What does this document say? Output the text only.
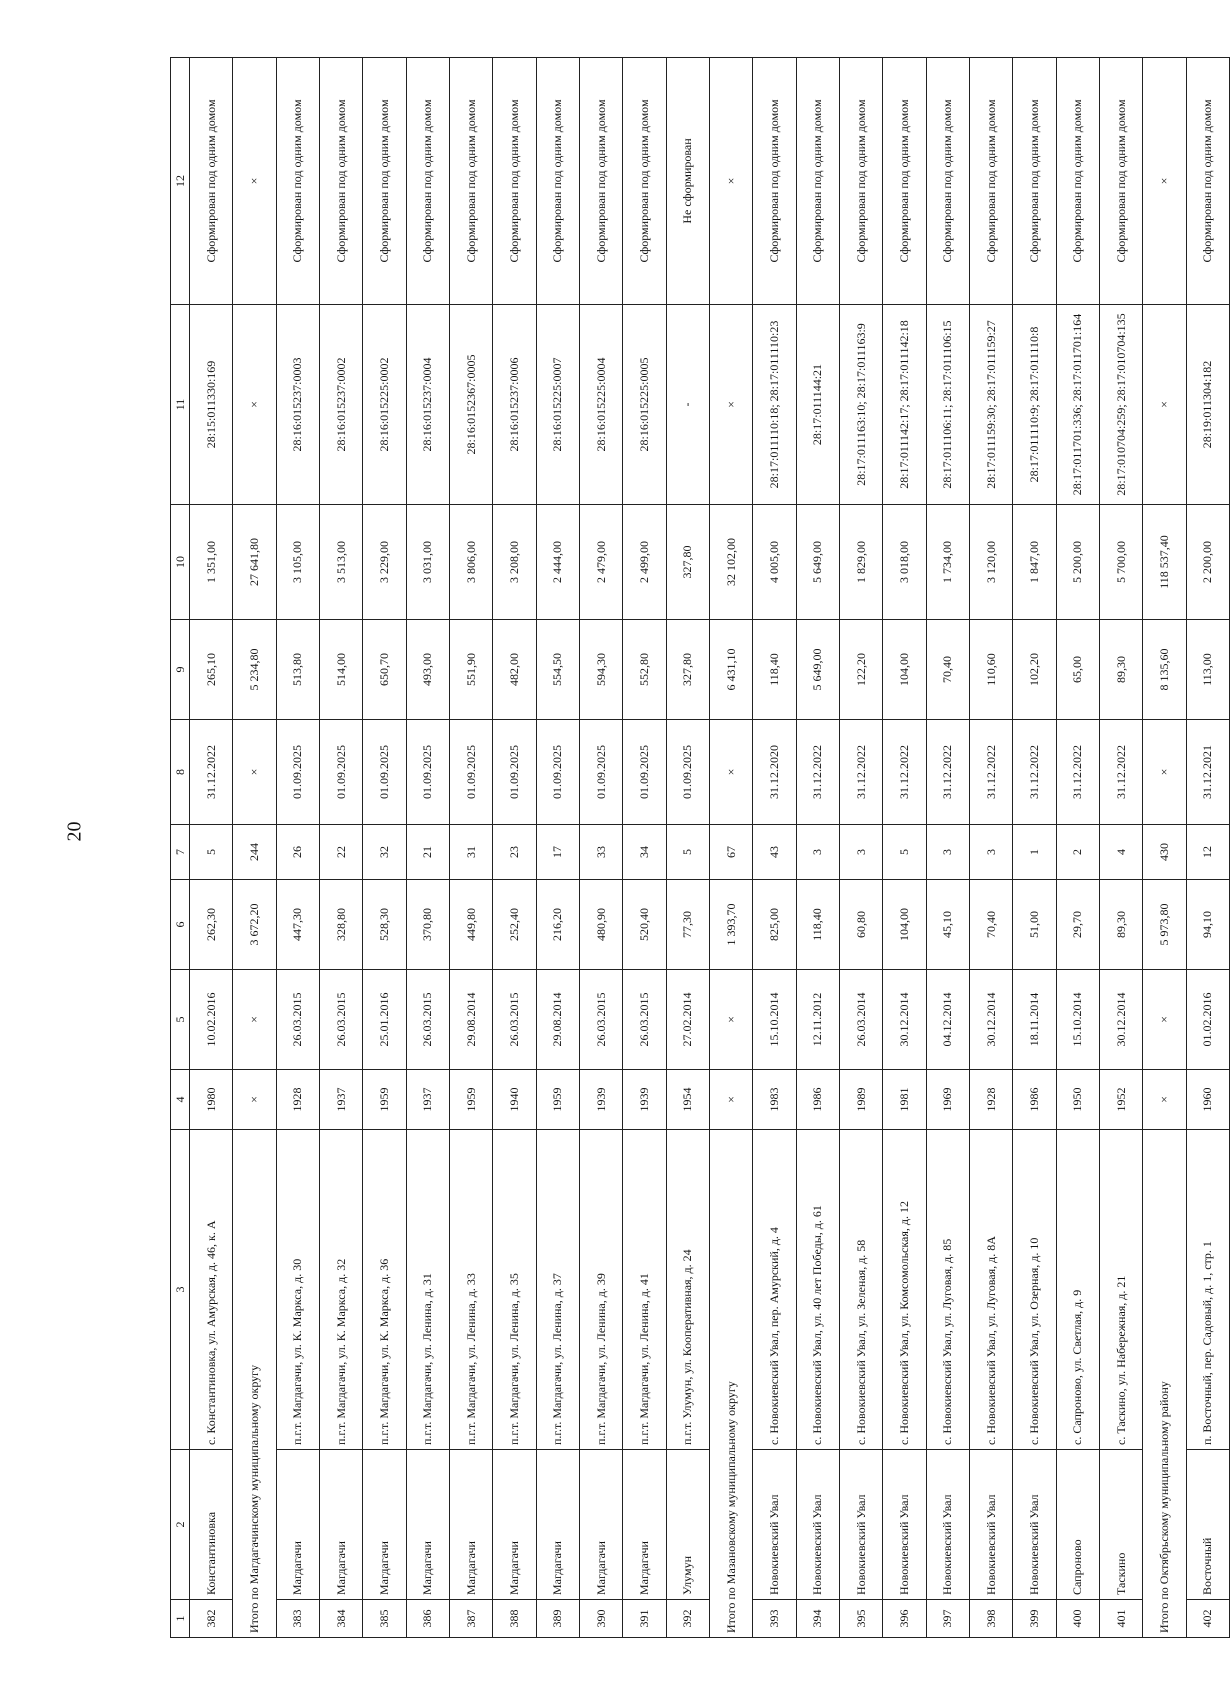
20
1	2	3	4	5	6	7	8	9	10	11	12
382	Константиновка	с. Константиновка, ул. Амурская, д. 46, к. А	1980	10.02.2016	262,30	5	31.12.2022	265,10	1 351,00	28:15:011330:169	Сформирован под одним домом
Итого по Магдагачинскому муниципальному округу			×	×	3 672,20	244	×	5 234,80	27 641,80	×	×
383	Магдагачи	п.г.т. Магдагачи, ул. К. Маркса, д. 30	1928	26.03.2015	447,30	26	01.09.2025	513,80	3 105,00	28:16:015237:0003	Сформирован под одним домом
384	Магдагачи	п.г.т. Магдагачи, ул. К. Маркса, д. 32	1937	26.03.2015	328,80	22	01.09.2025	514,00	3 513,00	28:16:015237:0002	Сформирован под одним домом
385	Магдагачи	п.г.т. Магдагачи, ул. К. Маркса, д. 36	1959	25.01.2016	528,30	32	01.09.2025	650,70	3 229,00	28:16:015225:0002	Сформирован под одним домом
386	Магдагачи	п.г.т. Магдагачи, ул. Ленина, д. 31	1937	26.03.2015	370,80	21	01.09.2025	493,00	3 031,00	28:16:015237:0004	Сформирован под одним домом
387	Магдагачи	п.г.т. Магдагачи, ул. Ленина, д. 33	1959	29.08.2014	449,80	31	01.09.2025	551,90	3 806,00	28:16:0152367:0005	Сформирован под одним домом
388	Магдагачи	п.г.т. Магдагачи, ул. Ленина, д. 35	1940	26.03.2015	252,40	23	01.09.2025	482,00	3 208,00	28:16:015237:0006	Сформирован под одним домом
389	Магдагачи	п.г.т. Магдагачи, ул. Ленина, д. 37	1959	29.08.2014	216,20	17	01.09.2025	554,50	2 444,00	28:16:015225:0007	Сформирован под одним домом
390	Магдагачи	п.г.т. Магдагачи, ул. Ленина, д. 39	1939	26.03.2015	480,90	33	01.09.2025	594,30	2 479,00	28:16:015225:0004	Сформирован под одним домом
391	Магдагачи	п.г.т. Магдагачи, ул. Ленина, д. 41	1939	26.03.2015	520,40	34	01.09.2025	552,80	2 499,00	28:16:015225:0005	Сформирован под одним домом
392	Улумун	п.г.т. Улумун, ул. Кооперативная, д. 24	1954	27.02.2014	77,30	5	01.09.2025	327,80	327,80	-	Не сформирован
Итого по Мазановскому муниципальному округу			×	×	1 393,70	67	×	6 431,10	32 102,00	×	×
393	Новокиевский Увал	с. Новокиевский Увал, пер. Амурский, д. 4	1983	15.10.2014	825,00	43	31.12.2020	118,40	4 005,00	28:17:011110:18; 28:17:011110:23	Сформирован под одним домом
394	Новокиевский Увал	с. Новокиевский Увал, ул. 40 лет Победы, д. 61	1986	12.11.2012	118,40	3	31.12.2022	5 649,00	5 649,00	28:17:011144:21	Сформирован под одним домом
395	Новокиевский Увал	с. Новокиевский Увал, ул. Зеленая, д. 58	1989	26.03.2014	60,80	3	31.12.2022	122,20	1 829,00	28:17:011163:10; 28:17:011163:9	Сформирован под одним домом
396	Новокиевский Увал	с. Новокиевский Увал, ул. Комсомольская, д. 12	1981	30.12.2014	104,00	5	31.12.2022	104,00	3 018,00	28:17:011142:17; 28:17:011142:18	Сформирован под одним домом
397	Новокиевский Увал	с. Новокиевский Увал, ул. Луговая, д. 85	1969	04.12.2014	45,10	3	31.12.2022	70,40	1 734,00	28:17:011106:11; 28:17:011106:15	Сформирован под одним домом
398	Новокиевский Увал	с. Новокиевский Увал, ул. Луговая, д. 8А	1928	30.12.2014	70,40	3	31.12.2022	110,60	3 120,00	28:17:011159:30; 28:17:011159:27	Сформирован под одним домом
399	Новокиевский Увал	с. Новокиевский Увал, ул. Озерная, д. 10	1986	18.11.2014	51,00	1	31.12.2022	102,20	1 847,00	28:17:011110:9; 28:17:011110:8	Сформирован под одним домом
400	Сапроново	с. Сапроново, ул. Светлая, д. 9	1950	15.10.2014	29,70	2	31.12.2022	65,00	5 200,00	28:17:011701:336; 28:17:011701:164	Сформирован под одним домом
401	Таскино	с. Таскино, ул. Набережная, д. 21	1952	30.12.2014	89,30	4	31.12.2022	89,30	5 700,00	28:17:010704:259; 28:17:010704:135	Сформирован под одним домом
Итого по Октябрьскому муниципальному району			×	×	5 973,80	430	×	8 135,60	118 537,40	×	×
402	Восточный	п. Восточный, пер. Садовый, д. 1, стр. 1	1960	01.02.2016	94,10	12	31.12.2021	113,00	2 200,00	28:19:011304:182	Сформирован под одним домом
